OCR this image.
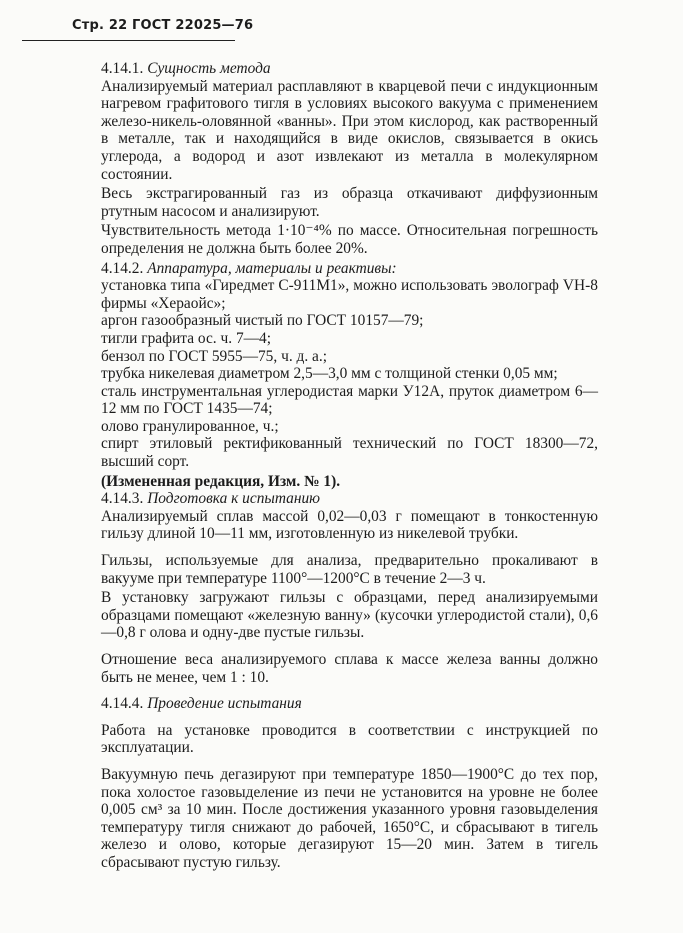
Стр. 22 ГОСТ 22025—76

4.14.1. Сущность метода

Анализируемый материал расплавляют в кварцевой печи с индукционным нагревом графитового тигля в условиях высокого вакуума с применением железо-никель-оловянной «ванны». При этом кислород, как растворенный в металле, так и находящийся в виде окислов, связывается в окись углерода, а водород и азот извлекают из металла в молекулярном состоянии.

Весь экстрагированный газ из образца откачивают диффузионным ртутным насосом и анализируют.

Чувствительность метода 1·10⁻⁴% по массе. Относительная погрешность определения не должна быть более 20%.

4.14.2. Аппаратура, материалы и реактивы:

установка типа «Гиредмет С-911М1», можно использовать эволограф VH-8 фирмы «Хераойс»;

аргон газообразный чистый по ГОСТ 10157—79;

тигли графита ос. ч. 7—4;

бензол по ГОСТ 5955—75, ч. д. а.;

трубка никелевая диаметром 2,5—3,0 мм с толщиной стенки 0,05 мм;

сталь инструментальная углеродистая марки У12А, пруток диаметром 6—12 мм по ГОСТ 1435—74;

олово гранулированное, ч.;

спирт этиловый ректификованный технический по ГОСТ 18300—72, высший сорт.

(Измененная редакция, Изм. № 1).

4.14.3. Подготовка к испытанию

Анализируемый сплав массой 0,02—0,03 г помещают в тонкостенную гильзу длиной 10—11 мм, изготовленную из никелевой трубки.

Гильзы, используемые для анализа, предварительно прокаливают в вакууме при температуре 1100°—1200°С в течение 2—3 ч.

В установку загружают гильзы с образцами, перед анализируемыми образцами помещают «железную ванну» (кусочки углеродистой стали), 0,6—0,8 г олова и одну-две пустые гильзы.

Отношение веса анализируемого сплава к массе железа ванны должно быть не менее, чем 1 : 10.

4.14.4. Проведение испытания

Работа на установке проводится в соответствии с инструкцией по эксплуатации.

Вакуумную печь дегазируют при температуре 1850—1900°С до тех пор, пока холостое газовыделение из печи не установится на уровне не более 0,005 см³ за 10 мин. После достижения указанного уровня газовыделения температуру тигля снижают до рабочей, 1650°С, и сбрасывают в тигель железо и олово, которые дегазируют 15—20 мин. Затем в тигель сбрасывают пустую гильзу.
